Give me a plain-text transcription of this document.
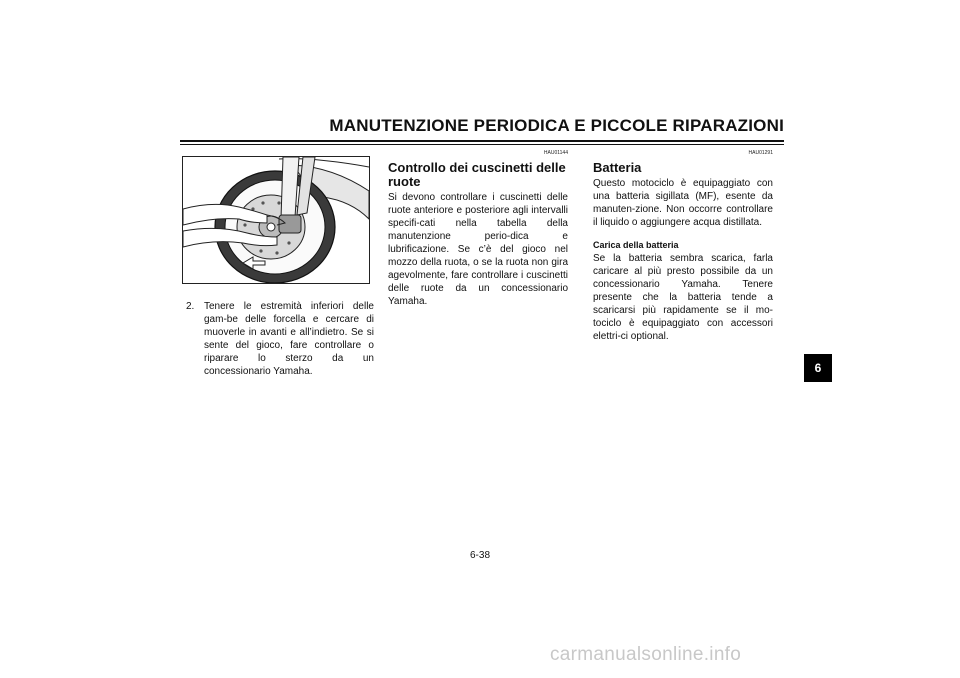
MANUTENZIONE PERIODICA E PICCOLE RIPARAZIONI
2. Tenere le estremità inferiori delle gam-be delle forcella e cercare di muoverle in avanti e all’indietro. Se si sente del gioco, fare controllare o riparare lo sterzo da un concessionario Yamaha.
HAU01144
Controllo dei cuscinetti delle ruote
Si devono controllare i cuscinetti delle ruote anteriore e posteriore agli intervalli specifi-cati nella tabella della manutenzione perio-dica e lubrificazione. Se c’è del gioco nel mozzo della ruota, o se la ruota non gira agevolmente, fare controllare i cuscinetti delle ruote da un concessionario Yamaha.
HAU01291
Batteria
Questo motociclo è equipaggiato con una batteria sigillata (MF), esente da manuten-zione. Non occorre controllare il liquido o aggiungere acqua distillata.
Carica della batteria
Se la batteria sembra scarica, farla caricare al più presto possibile da un concessionario Yamaha. Tenere presente che la batteria tende a scaricarsi più rapidamente se il mo-tociclo è equipaggiato con accessori elettri-ci optional.
6
6-38
carmanualsonline.info
